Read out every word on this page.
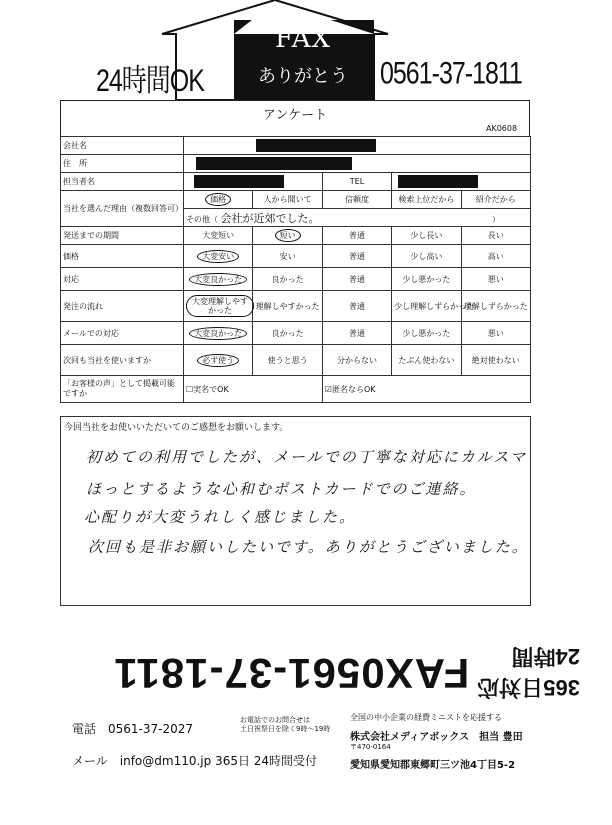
FAX
ありがとう
24時間OK	0561-37-1811
アンケート
AK0608
会社名					
住　所					
担当者名			TEL		
当社を選んだ理由（複数回答可）	価格	人から聞いて	信頼度	検索上位だから	紹介だから
	その他（ 会社が近郊でした。 ）				
発送までの期間	大変短い	短い	普通	少し長い	長い
価格	大変安い	安い	普通	少し高い	高い
対応	大変良かった	良かった	普通	少し悪かった	悪い
発注の流れ	大変理解しやすかった	理解しやすかった	普通	少し理解しずらかった	理解しずらかった
メールでの対応	大変良かった	良かった	普通	少し悪かった	悪い
次回も当社を使いますか	必ず使う	使うと思う	分からない	たぶん使わない	絶対使わない
「お客様の声」として掲載可能ですか	☐実名でOK		☑匿名ならOK		
今回当社をお使いいただいてのご感想をお願いします。
初めての利用でしたが、メールでの丁寧な対応にカルスマ
ほっとするような心和むポストカードでのご連絡。
心配りが大変うれしく感じました。
次回も是非お願いしたいです。ありがとうございました。
365日対応
24時間
FAX0561-37-1811
電話　0561-37-2027
お電話でのお問合せは
土日祝祭日を除く9時〜19時
メール　info@dm110.jp 365日 24時間受付
全国の中小企業の経費ミニストを応援する
株式会社メディアボックス　担当 豊田
〒470-0164
愛知県愛知郡東郷町三ツ池4丁目5-2
